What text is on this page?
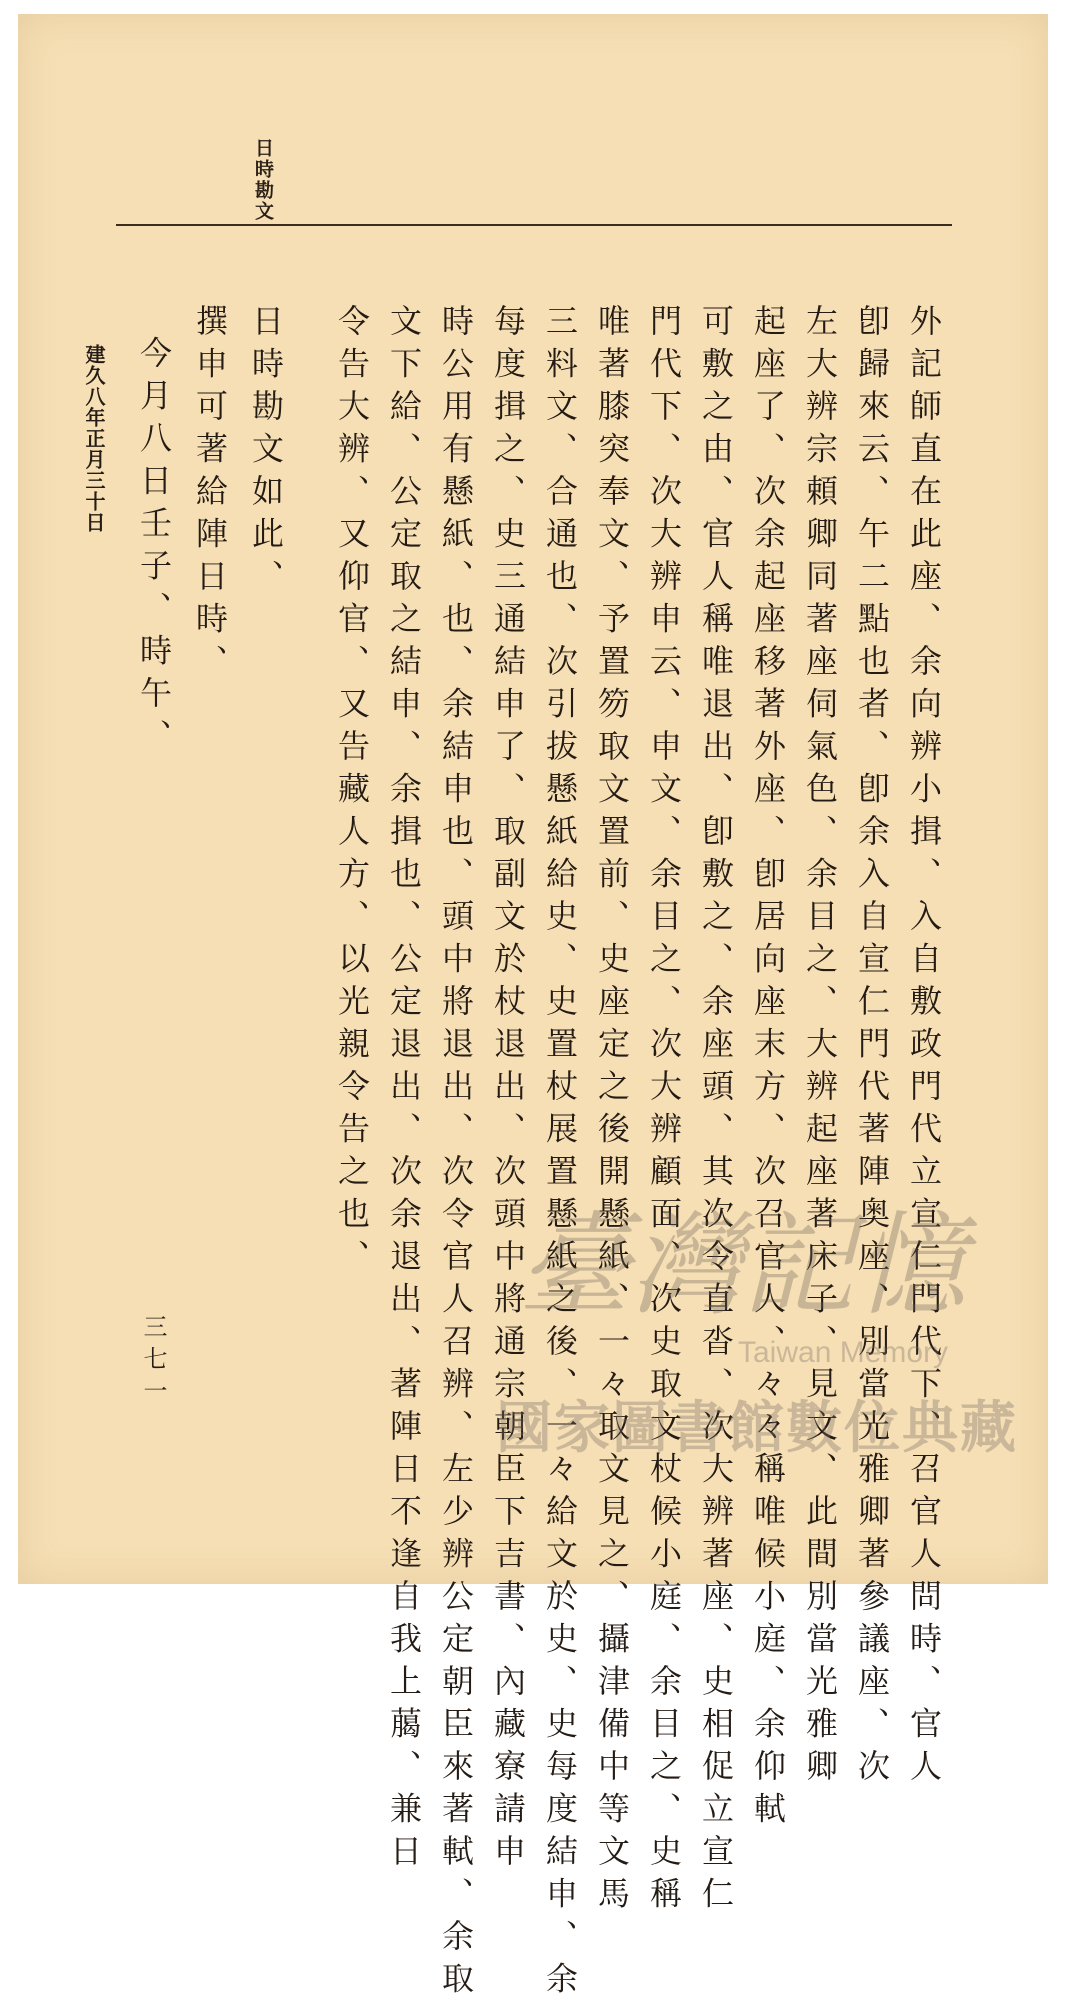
日時勘文
外記師直在此座、余向辨小揖、入自敷政門代立宣仁門代下、召官人問時、官人
卽歸來云、午二點也者、卽余入自宣仁門代著陣奥座、別當光雅卿著參議座、次
左大辨宗頼卿同著座伺氣色、余目之、大辨起座著床子、見文、此間別當光雅卿
起座了、次余起座移著外座、卽居向座末方、次召官人、々々稱唯候小庭、余仰軾
可敷之由、官人稱唯退出、卽敷之、余座頭、其次令直沓、次大辨著座、史相促立宣仁
門代下、次大辨申云、申文、余目之、次大辨顧面、次史取文杖候小庭、余目之、史稱
唯著膝突奉文、予置笏取文置前、史座定之後開懸紙、一々取文見之、攝津備中等文馬
三料文、合通也、次引拔懸紙給史、史置杖展置懸紙之後、一々給文於史、史每度結申、余
每度揖之、史三通結申了、取副文於杖退出、次頭中將通宗朝臣下吉書、內藏寮請申
時公用有懸紙、也、余結申也、頭中將退出、次令官人召辨、左少辨公定朝臣來著軾、余取
文下給、公定取之結申、余揖也、公定退出、次余退出、著陣日不逢自我上﨟、兼日
令告大辨、又仰官、又告藏人方、以光親令告之也、
日時勘文如此、
撰申可著給陣日時、
今月八日壬子、時午、
建久八年正月三十日
三七一
臺灣記憶
Taiwan Memory
國家圖書館數位典藏
